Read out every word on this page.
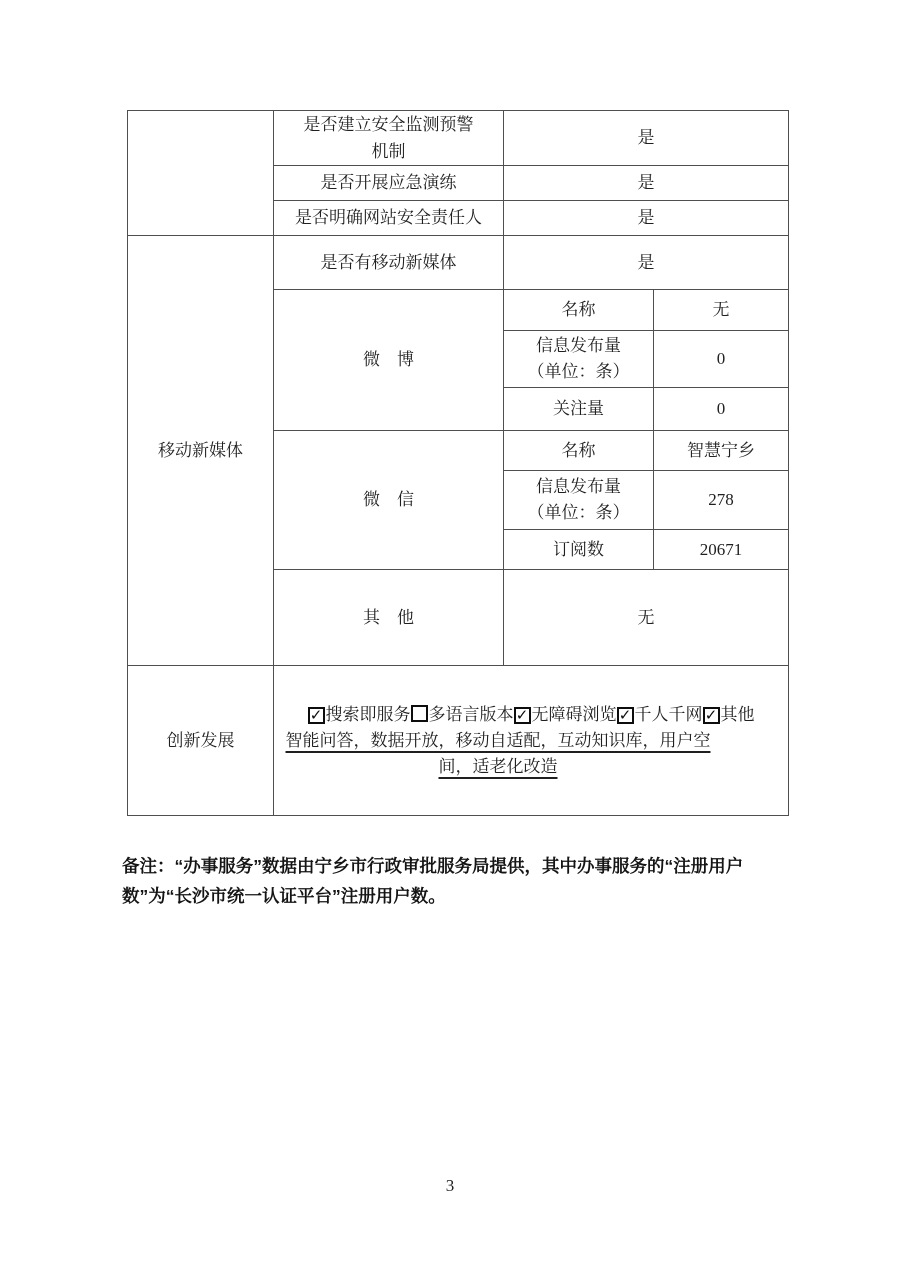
	是否建立安全监测预警机制	是	
	是否开展应急演练	是	
	是否明确网站安全责任人	是	
移动新媒体	是否有移动新媒体	是	
	微　博	名称	无

		信息发布量
（单位：条）	0
		关注量	0
	微　信	名称	智慧宁乡

		信息发布量
（单位：条）	278
		订阅数	20671
	其　他	无	
创新发展	✓ 搜索即服务 多语言版本 ✓ 无障碍浏览 ✓ 千人千网 ✓ 其他
智能问答，数据开放，移动自适配，互动知识库，用户空间，适老化改造		
备注：“办事服务”数据由宁乡市行政审批服务局提供，其中办事服务的“注册用户数”为“长沙市统一认证平台”注册用户数。
3
